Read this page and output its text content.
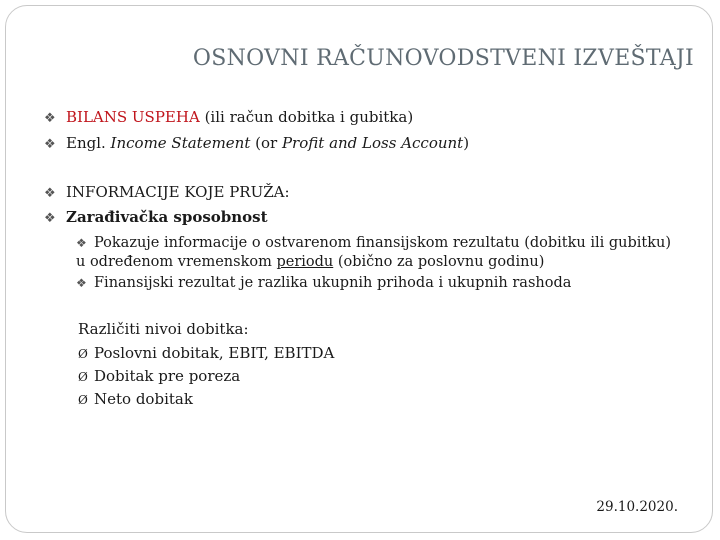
OSNOVNI RAČUNOVODSTVENI IZVEŠTAJI
❖ BILANS USPEHA (ili račun dobitka i gubitka)
❖ Engl. Income Statement (or Profit and Loss Account)
❖ INFORMACIJE KOJE PRUŽA:
❖ Zarađivačka sposobnost
❖ Pokazuje informacije o ostvarenom finansijskom rezultatu (dobitku ili gubitku) u određenom vremenskom periodu (obično za poslovnu godinu)
❖ Finansijski rezultat je razlika ukupnih prihoda i ukupnih rashoda
Različiti nivoi dobitka:
Ø Poslovni dobitak, EBIT, EBITDA
Ø Dobitak pre poreza
Ø Neto dobitak
29.10.2020.
